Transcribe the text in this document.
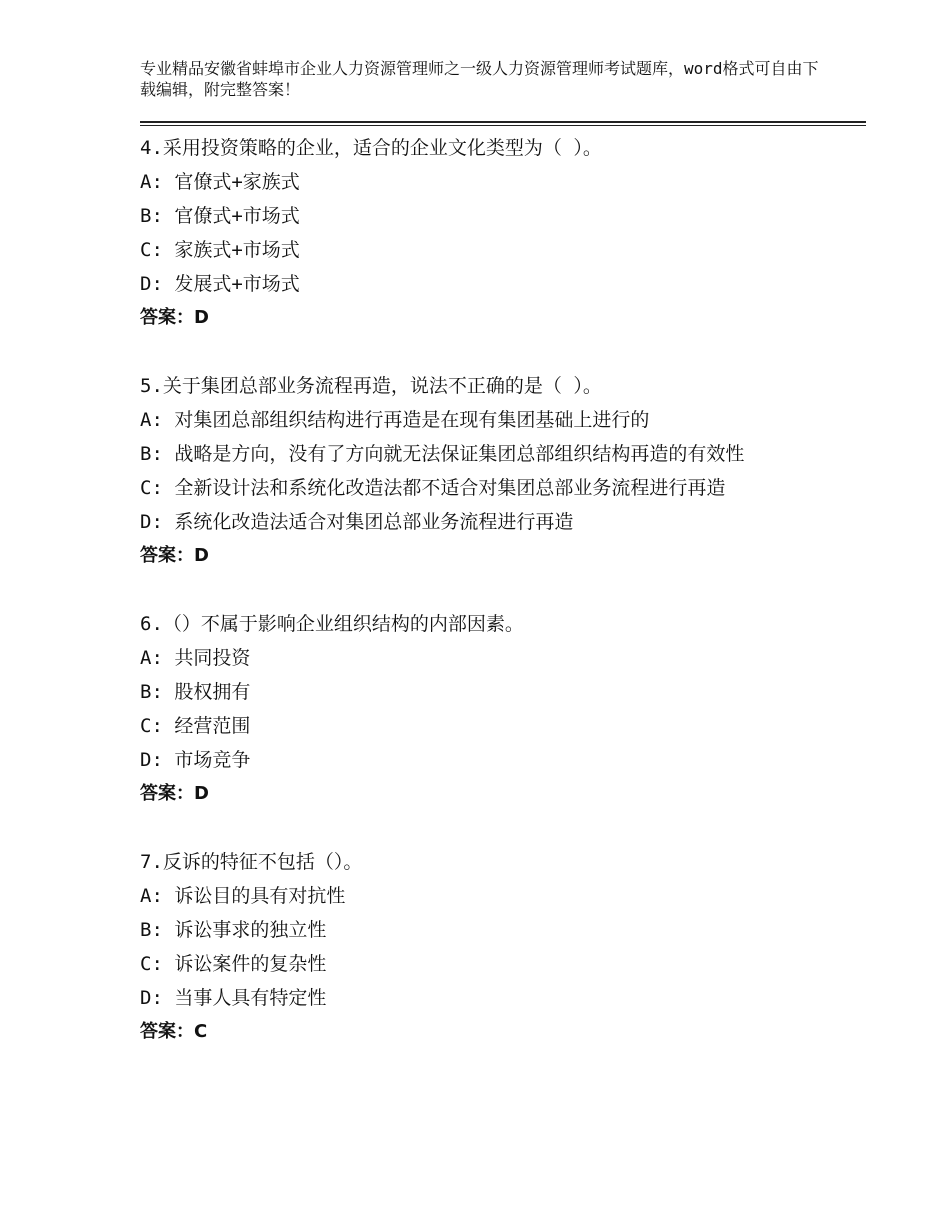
专业精品安徽省蚌埠市企业人力资源管理师之一级人力资源管理师考试题库，word格式可自由下载编辑，附完整答案！
4.采用投资策略的企业，适合的企业文化类型为（ ）。
A: 官僚式+家族式
B: 官僚式+市场式
C: 家族式+市场式
D: 发展式+市场式
答案：D
5.关于集团总部业务流程再造，说法不正确的是（ ）。
A: 对集团总部组织结构进行再造是在现有集团基础上进行的
B: 战略是方向，没有了方向就无法保证集团总部组织结构再造的有效性
C: 全新设计法和系统化改造法都不适合对集团总部业务流程进行再造
D: 系统化改造法适合对集团总部业务流程进行再造
答案：D
6.（）不属于影响企业组织结构的内部因素。
A: 共同投资
B: 股权拥有
C: 经营范围
D: 市场竞争
答案：D
7.反诉的特征不包括（）。
A: 诉讼目的具有对抗性
B: 诉讼事求的独立性
C: 诉讼案件的复杂性
D: 当事人具有特定性
答案：C
